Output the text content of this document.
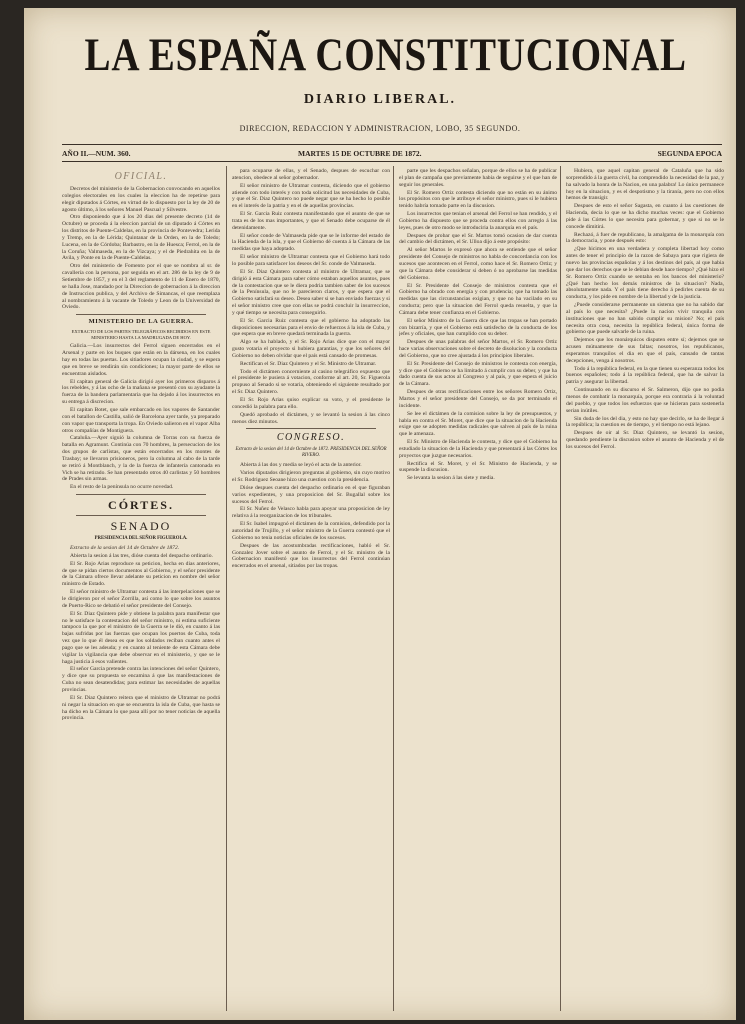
LA ESPAÑA CONSTITUCIONAL
DIARIO LIBERAL.
DIRECCION, REDACCION Y ADMINISTRACION, LOBO, 35 SEGUNDO.
AÑO II.—NUM. 360.	MARTES 15 DE OCTUBRE DE 1872.	SEGUNDA EPOCA
OFICIAL.

Decretos del ministerio de la Gobernacion convocando en aquellos colegios electorales en los cuales la eleccion ha de repetirse para elegir diputados á Córtes, en virtud de lo dispuesto por la ley de 20 de agosto último, á los señores Manuel Pascual y Silvestre.

Otro disponiendo que á los 20 dias del presente decreto (14 de Octubre) se proceda á la eleccion parcial de un diputado á Córtes en los distritos de Puente-Caldelas, en la provincia de Pontevedra; Lerida y Tremp, en la de Lérida; Quintanar de la Orden, en la de Toledo; Lucena, en la de Córdoba; Barbastro, en la de Huesca; Ferrol, en la de la Coruña; Valmaseda, en la de Vizcaya; y el de Piedrahita en la de Avila, y Ponte en la de Puente-Caldelas.

Otro del ministerio de Fomento por el que se nombra al sr. de cavallería con la persona, por seguida en el art. 286 de la ley de 9 de Setiembre de 1857, y en el 3 del reglamento de 11 de Enero de 1870, se halla Jose, mandado por la Direccion de gobernacion á la direccion de Instruccion publica, y del Archivo de Simancas, el que reemplaza al nombramiento á la vacante de Toledo y Leon de la Universidad de Oviedo.

MINISTERIO DE LA GUERRA.
EXTRACTO DE LOS PARTES TELEGRÁFICOS RECIBIDOS EN ESTE MINISTERIO HASTA LA MADRUGADA DE HOY.

Galicia.—Los insurrectos del Ferrol siguen encerrados en el Arsenal y parte en los buques que están en la dársena, en los cuales hay en todas las puertas. Los sitiadores ocupan la ciudad, y se espera que en breve se rendirán sin condiciones; la mayor parte de ellos se encuentran aislados.

El capitan general de Galicia dirigió ayer los primeros disparos á los rebeldes, y á las ocho de la mañana se presentó con su ayudante la fuerza de la bandera parlamentaria que ha dejado á los insurrectos en su entrega á discrecion.

El capitan Botet, que sale embarcado en los vapores de Santander con el batallon de Castilla, salió de Barcelona ayer tarde, ya preparado con vapor que transporta la tropa. En Oviedo salieron en el vapor Alba otros compañías de Montiguera.

Cataluña.—Ayer siguió la columna de Torras con su fuerza de batalla en Agramunt. Continúa con 70 hombres, la persecucion de los dos grupos de carlistas, que están encerrados en los montes de Trasbay; se llevaron prisioneros, pero la columna al cabo de la tarde se retiró á Montblanch, y la de la fuerza de infantería cantonada en Vich se ha retirado. Se han presentado otros 40 carlistas y 50 hombres de Prades sin armas.

En el resto de la península no ocurre novedad.

CÓRTES.
SENADO
PRESIDENCIA DEL SEÑOR FIGUEROLA.

Extracto de la sesion del 14 de Octubre de 1872.

Abierta la sesion á las tres, dióse cuenta del despacho ordinario.

El Sr. Rojo Arias reproduce su peticion, hecha en dias anteriores, de que se pidan ciertos documentos al Gobierno, y el señor presidente de la Cámara ofrece llevar adelante su peticion en nombre del señor ministro de Estado.

El señor ministro de Ultramar contesta á las interpelaciones que se le dirigieron por el señor Zorrilla, así como lo que sobre los asuntos de Puerto-Rico se debatió el señor presidente del Consejo.

El Sr. Diaz Quintero pide y obtiene la palabra para manifestar que no le satisface la contestacion del señor ministro, ni estima suficiente tampoco la que por el ministro de la Guerra se le dió, en cuanto á las bajas sufridas por las fuerzas que ocupan los puertos de Cuba, toda vez que lo que él desea es que los soldados reciban cuanto antes el pago que se les adeuda; y en cuanto al teniente de esta Cámara debe vigilar la vigilancia que debe observar en el ministerio, y que se le haga justicia á esos valientes.

El señor Garcia pretende contra las intenciones del señor Quintero, y dice que su propuesta se encamina á que las manifestaciones de Cuba no sean desatendidas; para estimar las necesidades de aquellas provincias.

El Sr. Diaz Quintero reitera que el ministro de Ultramar no podrá ni negar la situacion en que se encuentra la isla de Cuba, que hasta se ha dicho en la Cámara lo que pasa allí por no tener noticias de aquella provincia.

para ocuparse de ellas, y el Senado, despues de escuchar con atencion, obedece al señor gobernador.

El señor ministro de Ultramar contesta, diciendo que el gobierno atiende con todo interés y con toda solicitud las necesidades de Cuba, y que el Sr. Diaz Quintero no puede negar que se ha hecho lo posible en el interés de la patria y en el de aquellas provincias.

El Sr. Garcia Ruiz contesta manifestando que el asunto de que se trata es de los mas importantes, y que el Senado debe ocuparse de él detenidamente.

El señor conde de Valmaseda pide que se le informe del estado de la Hacienda de la isla, y que el Gobierno dé cuenta á la Cámara de las medidas que haya adoptado.

El señor ministro de Ultramar contesta que el Gobierno hará todo lo posible para satisfacer los deseos del Sr. conde de Valmaseda.

El Sr. Diaz Quintero contesta al ministro de Ultramar, que se dirigió á esta Cámara para saber cómo estaban aquellos asuntos, pues de la contestacion que se le diera podria tambien saber de los sucesos de la Península, que no le parecieron claros, y que espera que el Gobierno satisfará su deseo. Desea saber si se han enviado fuerzas y si el señor ministro cree que con ellas se podrá concluir la insurreccion, y qué tiempo se necesita para conseguirlo.

El Sr. Garcia Ruiz contesta que el gobierno ha adoptado las disposiciones necesarias para el envio de refuerzos á la isla de Cuba, y que espera que en breve quedará terminada la guerra.

Algo se ha hablado, y el Sr. Rojo Arias dice que con el mayor gusto votaria el proyecto si hubiera garantias, y que los señores del Gobierno no deben olvidar que el país está cansado de promesas.

Rectifican el Sr. Diaz Quintero y el Sr. Ministro de Ultramar.

Todo el dictámen concerniente al casino telegráfico expuesto que el presidente le pusiera á votacion, conforme al art. 20, Sr. Figuerola propuso al Senado si se votaria, obteniendo el siguiente resultado por el Sr. Diaz Quintero.

El Sr. Rojo Arias quiso explicar su voto, y el presidente le concedió la palabra para ello.

Quedó aprobado el dictámen, y se levantó la sesion á las cinco menos diez minutos.

CONGRESO.
Extracto de la sesion del 14 de Octubre de 1872. PRESIDENCIA DEL SEÑOR RIVERO.

Abierta á las dos y media se leyó el acta de la anterior.

Varios diputados dirigieron preguntas al gobierno, sin cuyo motivo el Sr. Rodriguez Seoane hizo una cuestion con la presidencia.

Dióse despues cuenta del despacho ordinario en el que figuraban varios expedientes, y una proposicion del Sr. Bugallal sobre los sucesos del Ferrol.

El Sr. Nuñez de Velasco habla para apoyar una proposicion de ley relativa á la reorganizacion de los tribunales.

El Sr. Isabel impugnó el dictámen de la comision, defendido por la autoridad de Trujillo, y el señor ministro de la Guerra contestó que el Gobierno no tenia noticias oficiales de los sucesos.

Despues de las acostumbradas rectificaciones, habló el Sr. Gonzalez Jover sobre el asunto de Ferrol, y el Sr. ministro de la Gobernacion manifestó que los insurrectos del Ferrol continúan encerrados en el arsenal, sitiados por las tropas.

parte que les despachos señalan, porque de ellos se ha de publicar el plan de campaña que previamente habia de seguirse y el que han de seguir los generales.

El Sr. Romero Ortiz contesta diciendo que no están en su ánimo los propósitos con que le atribuye el señor ministro, pues si le hubiera tenido habría tomado parte en la discusion.

Los insurrectos que tenian el arsenal del Ferrol se han rendido, y el Gobierno ha dispuesto que se proceda contra ellos con arreglo á las leyes, pues de otro modo se introduciria la anarquía en el país.

Despues de probar que el Sr. Martos tomó ocasion de dar cuenta del cambio del dictámen, el Sr. Ulloa dijo á este propósito:

Al señor Martos le expresó que ahora se entiende que el señor presidente del Consejo de ministros no habla de concordancia con los sucesos que acontecen en el Ferrol, como hace el Sr. Romero Ortiz; y que la Cámara debe considerar si deben ó no aprobarse las medidas del Gobierno.

El Sr. Presidente del Consejo de ministros contesta que el Gobierno ha obrado con energía y con prudencia; que ha tomado las medidas que las circunstancias exigian, y que no ha vacilado en su conducta; pero que la situacion del Ferrol queda resuelta, y que la Cámara debe tener confianza en el Gobierno.

El señor Ministro de la Guerra dice que las tropas se han portado con bizarría, y que el Gobierno está satisfecho de la conducta de los jefes y oficiales, que han cumplido con su deber.

Despues de unas palabras del señor Martos, el Sr. Romero Ortiz hace varias observaciones sobre el decreto de disolucion y la conducta del Gobierno, que no cree ajustada á los principios liberales.

El Sr. Presidente del Consejo de ministros le contesta con energía, y dice que el Gobierno se ha limitado á cumplir con su deber, y que ha dado cuenta de sus actos al Congreso y al país, y que espera el juicio de la Cámara.

Despues de otras rectificaciones entre los señores Romero Ortiz, Martos y el señor presidente del Consejo, se da por terminado el incidente.

Se lee el dictámen de la comision sobre la ley de presupuestos, y habla en contra el Sr. Moret, que dice que la situacion de la Hacienda exige que se adopten medidas radicales que salven al país de la ruina que le amenaza.

El Sr. Ministro de Hacienda le contesta, y dice que el Gobierno ha estudiado la situacion de la Hacienda y que presentará á las Córtes los proyectos que juzgue necesarios.

Rectifica el Sr. Moret, y el Sr. Ministro de Hacienda, y se suspende la discusion.

Se levanta la sesion á las siete y media.

Hubiera, que aquel capitan general de Cataluña que ha sido sorprendido á la guerra civil, ha comprendido la necesidad de la paz, y ha salvado la honra de la Nacion, en una palabra! Lo único permanece hoy en la situacion, y es el despotismo y la tiranía, pero no con ellos hemos de transigir.

Despues de esto el señor Sagasta, en cuanto á las cuestiones de Hacienda, decia lo que se ha dicho muchas veces: que el Gobierno pide á las Córtes lo que necesita para gobernar, y que si no se le concede dimitirá.

Rechazó, á fuer de republicano, la amalgama de la monarquía con la democracia, y pone después esto:

¿Que hicimos en una verdadera y completa libertad hoy como antes de tener el principio de la razon de Sabaya para que rigiera de nuevo las provincias españolas y á los destinos del país, al que habia que dar los derechos que se le debian desde hace tiempo? ¿Qué hizo el Sr. Romero Ortiz cuando se sentaba en los bancos del ministerio? ¿Qué han hecho los demás ministros de la situacion? Nada, absolutamente nada. Y el país tiene derecho á pedirles cuenta de su conducta, y los pide en nombre de la libertad y de la justicia.

¿Puede considerarse permanente un sistema que no ha sabido dar al país lo que necesita? ¿Puede la nacion vivir tranquila con instituciones que no han sabido cumplir su mision? No; el país necesita otra cosa, necesita la república federal, única forma de gobierno que puede salvarle de la ruina.

Dejemos que los monárquicos disputen entre sí; dejemos que se acusen mútuamente de sus faltas; nosotros, los republicanos, esperamos tranquilos el dia en que el país, cansado de tantas decepciones, venga á nosotros.

Todo á la república federal, en la que tienen su esperanza todos los buenos españoles; todo á la república federal, que ha de salvar la patria y asegurar la libertad.

Continuando en su discurso el Sr. Salmeron, dijo que no podia menos de combatir la monarquía, porque era contraria á la voluntad del pueblo, y que todos los esfuerzos que se hicieran para sostenerla serian inútiles.

Sin duda de los del dia, y esto no hay que decirlo, se ha de llegar á la república; la cuestion es de tiempo, y el tiempo no está lejano.

Despues de oir al Sr. Diaz Quintero, se levantó la sesion, quedando pendiente la discusion sobre el asunto de Hacienda y el de los sucesos del Ferrol.
